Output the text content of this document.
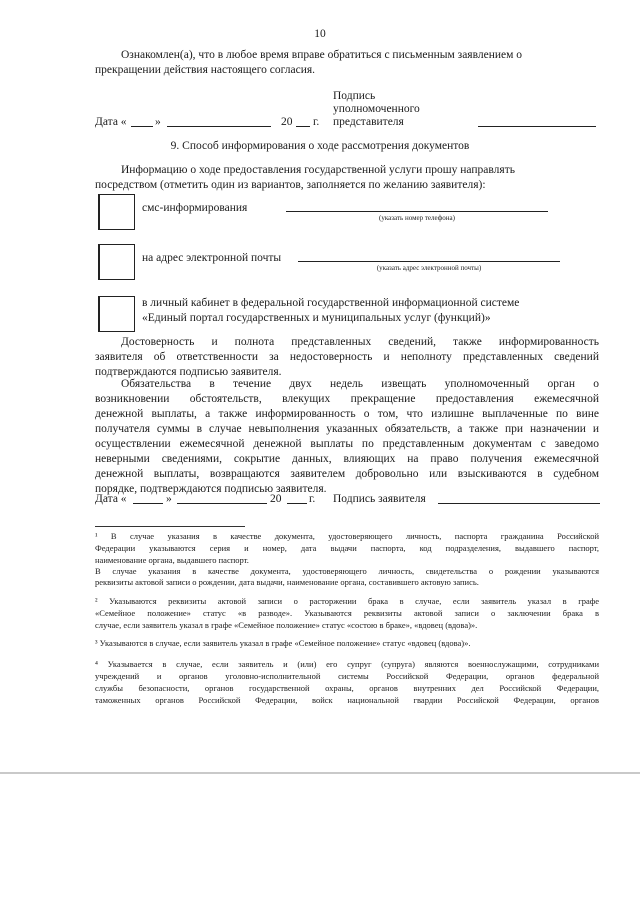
10
Ознакомлен(а), что в любое время вправе обратиться с письменным заявлением о
прекращении действия настоящего согласия.
Подпись
уполномоченного
представителя
Дата « »	20 г.
9. Способ информирования о ходе рассмотрения документов
Информацию о ходе предоставления государственной услуги прошу направлять
посредством (отметить один из вариантов, заполняется по желанию заявителя):
смс-информирования
(указать номер телефона)
на адрес электронной почты
(указать адрес электронной почты)
в личный кабинет в федеральной государственной информационной системе
«Единый портал государственных и муниципальных услуг (функций)»
Достоверность и полнота представленных сведений, также информированность
заявителя об ответственности за недостоверность и неполноту представленных сведений
подтверждаются подписью заявителя.
Обязательства в течение двух недель извещать уполномоченный орган о
возникновении обстоятельств, влекущих прекращение предоставления ежемесячной
денежной выплаты, а также информированность о том, что излишне выплаченные по вине
получателя суммы в случае невыполнения указанных обязательств, а также при назначении и
осуществлении ежемесячной денежной выплаты по представленным документам с заведомо
неверными сведениями, сокрытие данных, влияющих на право получения ежемесячной
денежной выплаты, возвращаются заявителем добровольно или взыскиваются в судебном
порядке, подтверждаются подписью заявителя.
Дата «	»	20 г. Подпись заявителя
¹ В случае указания в качестве документа, удостоверяющего личность, паспорта гражданина Российской
Федерации указываются серия и номер, дата выдачи паспорта, код подразделения, выдавшего паспорт,
наименование органа, выдавшего паспорт.
В случае указания в качестве документа, удостоверяющего личность, свидетельства о рождении указываются
реквизиты актовой записи о рождении, дата выдачи, наименование органа, составившего актовую запись.
² Указываются реквизиты актовой записи о расторжении брака в случае, если заявитель указал в графе
«Семейное положение» статус «в разводе». Указываются реквизиты актовой записи о заключении брака в
случае, если заявитель указал в графе «Семейное положение» статус «состою в браке», «вдовец (вдова)».
³ Указываются в случае, если заявитель указал в графе «Семейное положение» статус «вдовец (вдова)».
⁴ Указывается в случае, если заявитель и (или) его супруг (супруга) являются военнослужащими, сотрудниками
учреждений и органов уголовно-исполнительной системы Российской Федерации, органов федеральной
службы безопасности, органов государственной охраны, органов внутренних дел Российской Федерации,
таможенных органов Российской Федерации, войск национальной гвардии Российской Федерации, органов
